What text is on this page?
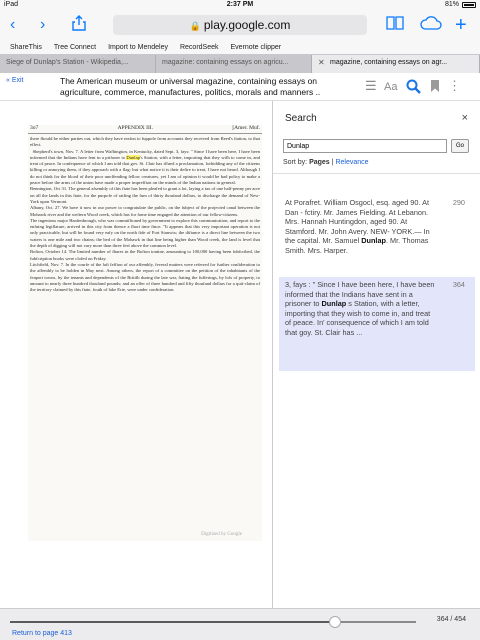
iPad	2:37 PM	81%
‹ ›	🔒 play.google.com	+
ShareThis Tree Connect Import to Mendeley RecordSeek Evernote clipper
Siege of Dunlap's Station - Wikipedia,...	magazine: containing essays on agricu...	✕ magazine, containing essays on agr...
« Exit	The American museum or universal magazine, containing essays on agriculture, commerce, manufactures, politics, morals and manners ..	☰ Aa	⋮
3o7	APPENDIX III.	[Amer. Muf.

there fhould be either parties out, which they have reafon to fuppofe from accounts they received from Reed's ftation, to that effect.

Shepherd's town, Nov. 7. A letter from Wafhington, in Kentucky, dated Sept. 3, fays: " Since I have been here, I have been informed that the Indians have fent in a prifoner to Dunlap's Station, with a letter, importing that they wifh to come in, and treat of peace. In confequence of which I am told that gov. St. Clair has iffued a proclamation, forbidding any of the citizens killing or annoying them, if they approach with a flag: but what notice it is their defire to treat, I have not heard. Although I do not think for the blood of their poor unoffending fellow creatures, yet I am of opinion it would be bad policy to make a peace before the arms of the union have made a proper impreffion on the minds of the Indian nations in general.

Bennington, Oct 31. The general afsembly of this ftate has been pleafed to grant a lot, laying a tax of one half-penny per acre on all the lands in this ftate, for the purpofe of raifing the fum of thirty thoufand dollars, to discharge the demand of New-York upon Vermont.

Albany, Oct. 27. We have it now in our power to congratulate the public, on the fubject of the projected canal between the Mohawk river and the weftern Wood creek, which has for fome time engaged the attention of our fellow-citizens.

The ingenious major Hardenbrough, who was commiffioned by government to explore this communication, and report to the enfuing legiflature, arrived in this city from thence a fhort time fince. "It appears that this very important operation is not only practicable, but will be found very eafy on the north fide of Fort Stanwix; the diftance is a direct line between the two waters is one mile and two chains; the bed of the Mohawk in that line being higher than Wood creek, the land is level that the depth of digging will not vary more than three feet above the common level.

Bofton, October 14. The limited number of fhares in the Bofton tontine, amounting to 100,000 having been fubfcribed, the fubfcription books were clofed on Friday.

Litchfield, Nov. 7. In the courfe of the laft feffion of our affembly, feveral matters were referred for further confideration to the affembly to be holden in May next. Among others, the report of a committee on the petition of the inhabitants of the feaport towns, by the tenants and dependents of the Britifh during the late war, ftating the fufferings, by lofs of property, to amount to nearly three hundred thoufand pounds; and an offer of three hundred and fifty thoufand dollars for a quit-claim of the territory claimed by this ftate, fouth of lake Erie, were under confideration.

Digitized by Google
Search	×
Dunlap
Go
Sort by: Pages | Relevance
290
At Porafret. William Osgocl, esq. aged 90. At Dan - fctiry. Mr. James Fielding. At Lebanon. Mrs. Hannah Huntingdon, aged 90. At Stamford. Mr. John Avery. NEW- YORK.— In the capital. Mr. Samuel Dunlap. Mr. Thomas Smith. Mrs. Harper.
364
3, fays : " Since I have been here, I have been informed that the Indians have sent in a prisoner to Dunlap s Station, with a letter, importing that they wish to come in, and treat of peace. In' consequence of which I am told that goy. St. Clair has ...
364 / 454
Return to page 413
